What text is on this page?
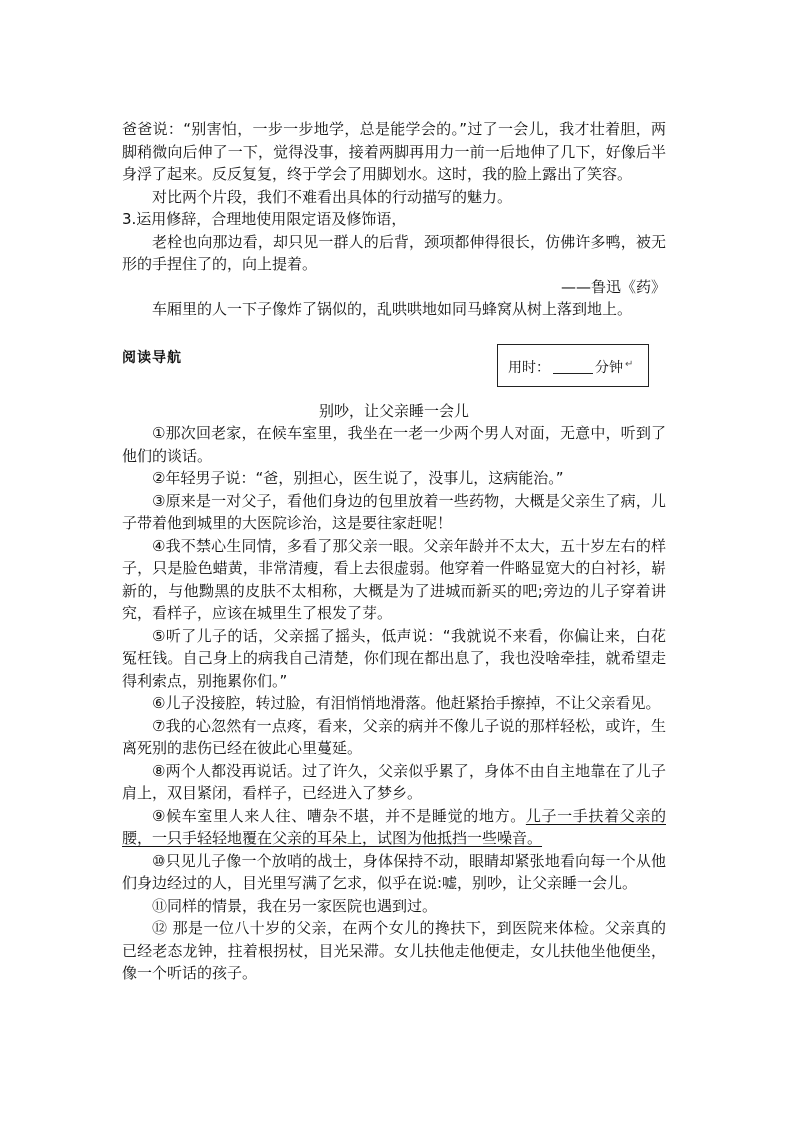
爸爸说：“别害怕，一步一步地学，总是能学会的。”过了一会儿，我才壮着胆，两脚稍微向后伸了一下，觉得没事，接着两脚再用力一前一后地伸了几下，好像后半身浮了起来。反反复复，终于学会了用脚划水。这时，我的脸上露出了笑容。

对比两个片段，我们不难看出具体的行动描写的魅力。

3.运用修辞，合理地使用限定语及修饰语，

老栓也向那边看，却只见一群人的后背，颈项都伸得很长，仿佛许多鸭，被无形的手捏住了的，向上提着。

——鲁迅《药》

车厢里的人一下子像炸了锅似的，乱哄哄地如同马蜂窝从树上落到地上。

阅读导航
用时：	分钟 ↵
别吵，让父亲睡一会儿

①那次回老家，在候车室里，我坐在一老一少两个男人对面，无意中，听到了他们的谈话。

②年轻男子说：“爸，别担心，医生说了，没事儿，这病能治。”

③原来是一对父子，看他们身边的包里放着一些药物，大概是父亲生了病，儿子带着他到城里的大医院诊治，这是要往家赶呢！

④我不禁心生同情，多看了那父亲一眼。父亲年龄并不太大，五十岁左右的样子，只是脸色蜡黄，非常清瘦，看上去很虚弱。他穿着一件略显宽大的白衬衫，崭新的，与他黝黑的皮肤不太相称，大概是为了进城而新买的吧;旁边的儿子穿着讲究，看样子，应该在城里生了根发了芽。

⑤听了儿子的话，父亲摇了摇头，低声说：“我就说不来看，你偏让来，白花冤枉钱。自己身上的病我自己清楚，你们现在都出息了，我也没啥牵挂，就希望走得利索点，别拖累你们。”

⑥儿子没接腔，转过脸，有泪悄悄地滑落。他赶紧抬手擦掉，不让父亲看见。

⑦我的心忽然有一点疼，看来，父亲的病并不像儿子说的那样轻松，或许，生离死别的悲伤已经在彼此心里蔓延。

⑧两个人都没再说话。过了许久，父亲似乎累了，身体不由自主地靠在了儿子肩上，双目紧闭，看样子，已经进入了梦乡。

⑨候车室里人来人往、嘈杂不堪，并不是睡觉的地方。儿子一手扶着父亲的腰，一只手轻轻地覆在父亲的耳朵上，试图为他抵挡一些噪音。

⑩只见儿子像一个放哨的战士，身体保持不动，眼睛却紧张地看向每一个从他们身边经过的人，目光里写满了乞求，似乎在说:嘘，别吵，让父亲睡一会儿。

⑪同样的情景，我在另一家医院也遇到过。

⑫ 那是一位八十岁的父亲，在两个女儿的搀扶下，到医院来体检。父亲真的已经老态龙钟，拄着根拐杖，目光呆滞。女儿扶他走他便走，女儿扶他坐他便坐，像一个听话的孩子。
